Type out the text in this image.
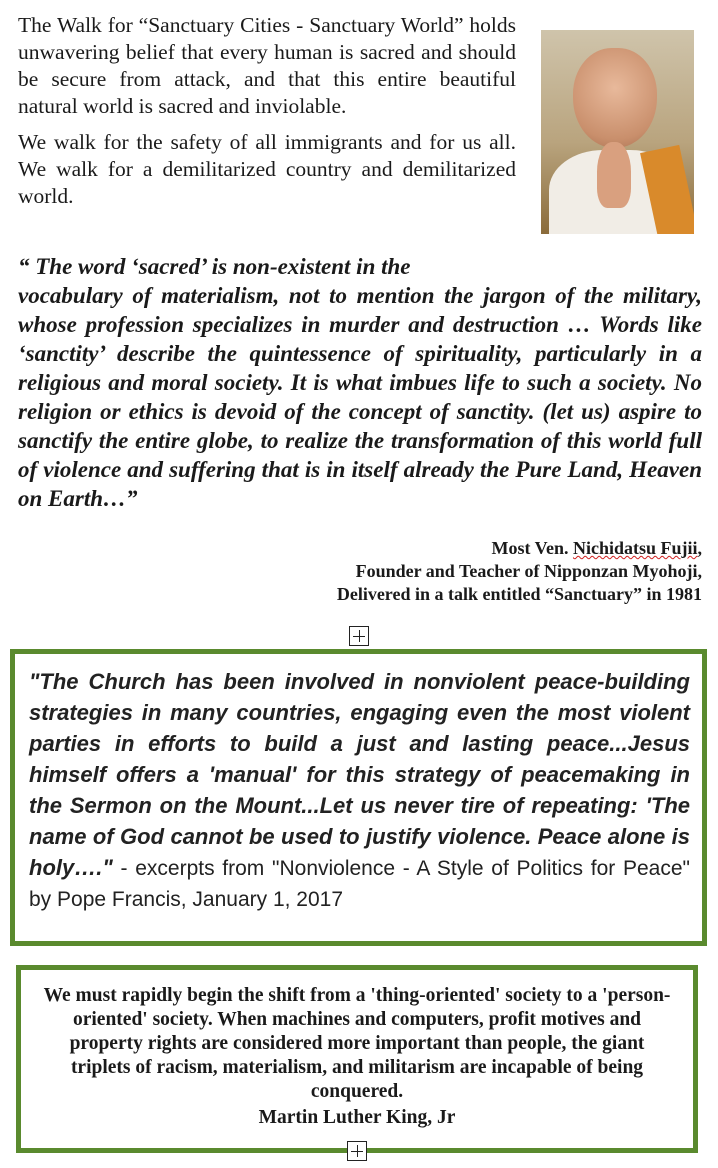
The Walk for “Sanctuary Cities - Sanctuary World” holds unwavering belief that every human is sacred and should be secure from attack, and that this entire beautiful natural world is sacred and inviolable.

We walk for the safety of all immigrants and for us all. We walk for a demilitarized country and demilitarized world.

“ The word ‘sacred’ is non-existent in the
vocabulary of materialism, not to mention the jargon of the military, whose profession specializes in murder and destruction … Words like ‘sanctity’ describe the quintessence of spirituality, particularly in a religious and moral society. It is what imbues life to such a society. No religion or ethics is devoid of the concept of sanctity. (let us) aspire to sanctify the entire globe, to realize the transformation of this world full of violence and suffering that is in itself already the Pure Land, Heaven on Earth…”

Most Ven. Nichidatsu Fujii,
Founder and Teacher of Nipponzan Myohoji,
Delivered in a talk entitled “Sanctuary” in 1981
"The Church has been involved in nonviolent peace-building strategies in many countries, engaging even the most violent parties in efforts to build a just and lasting peace...Jesus himself offers a 'manual' for this strategy of peacemaking in the Sermon on the Mount...Let us never tire of repeating: 'The name of God cannot be used to justify violence. Peace alone is holy…." - excerpts from "Nonviolence - A Style of Politics for Peace" by Pope Francis, January 1, 2017
We must rapidly begin the shift from a 'thing-oriented' society to a 'person-oriented' society. When machines and computers, profit motives and property rights are considered more important than people, the giant triplets of racism, materialism, and militarism are incapable of being conquered.
Martin Luther King, Jr
